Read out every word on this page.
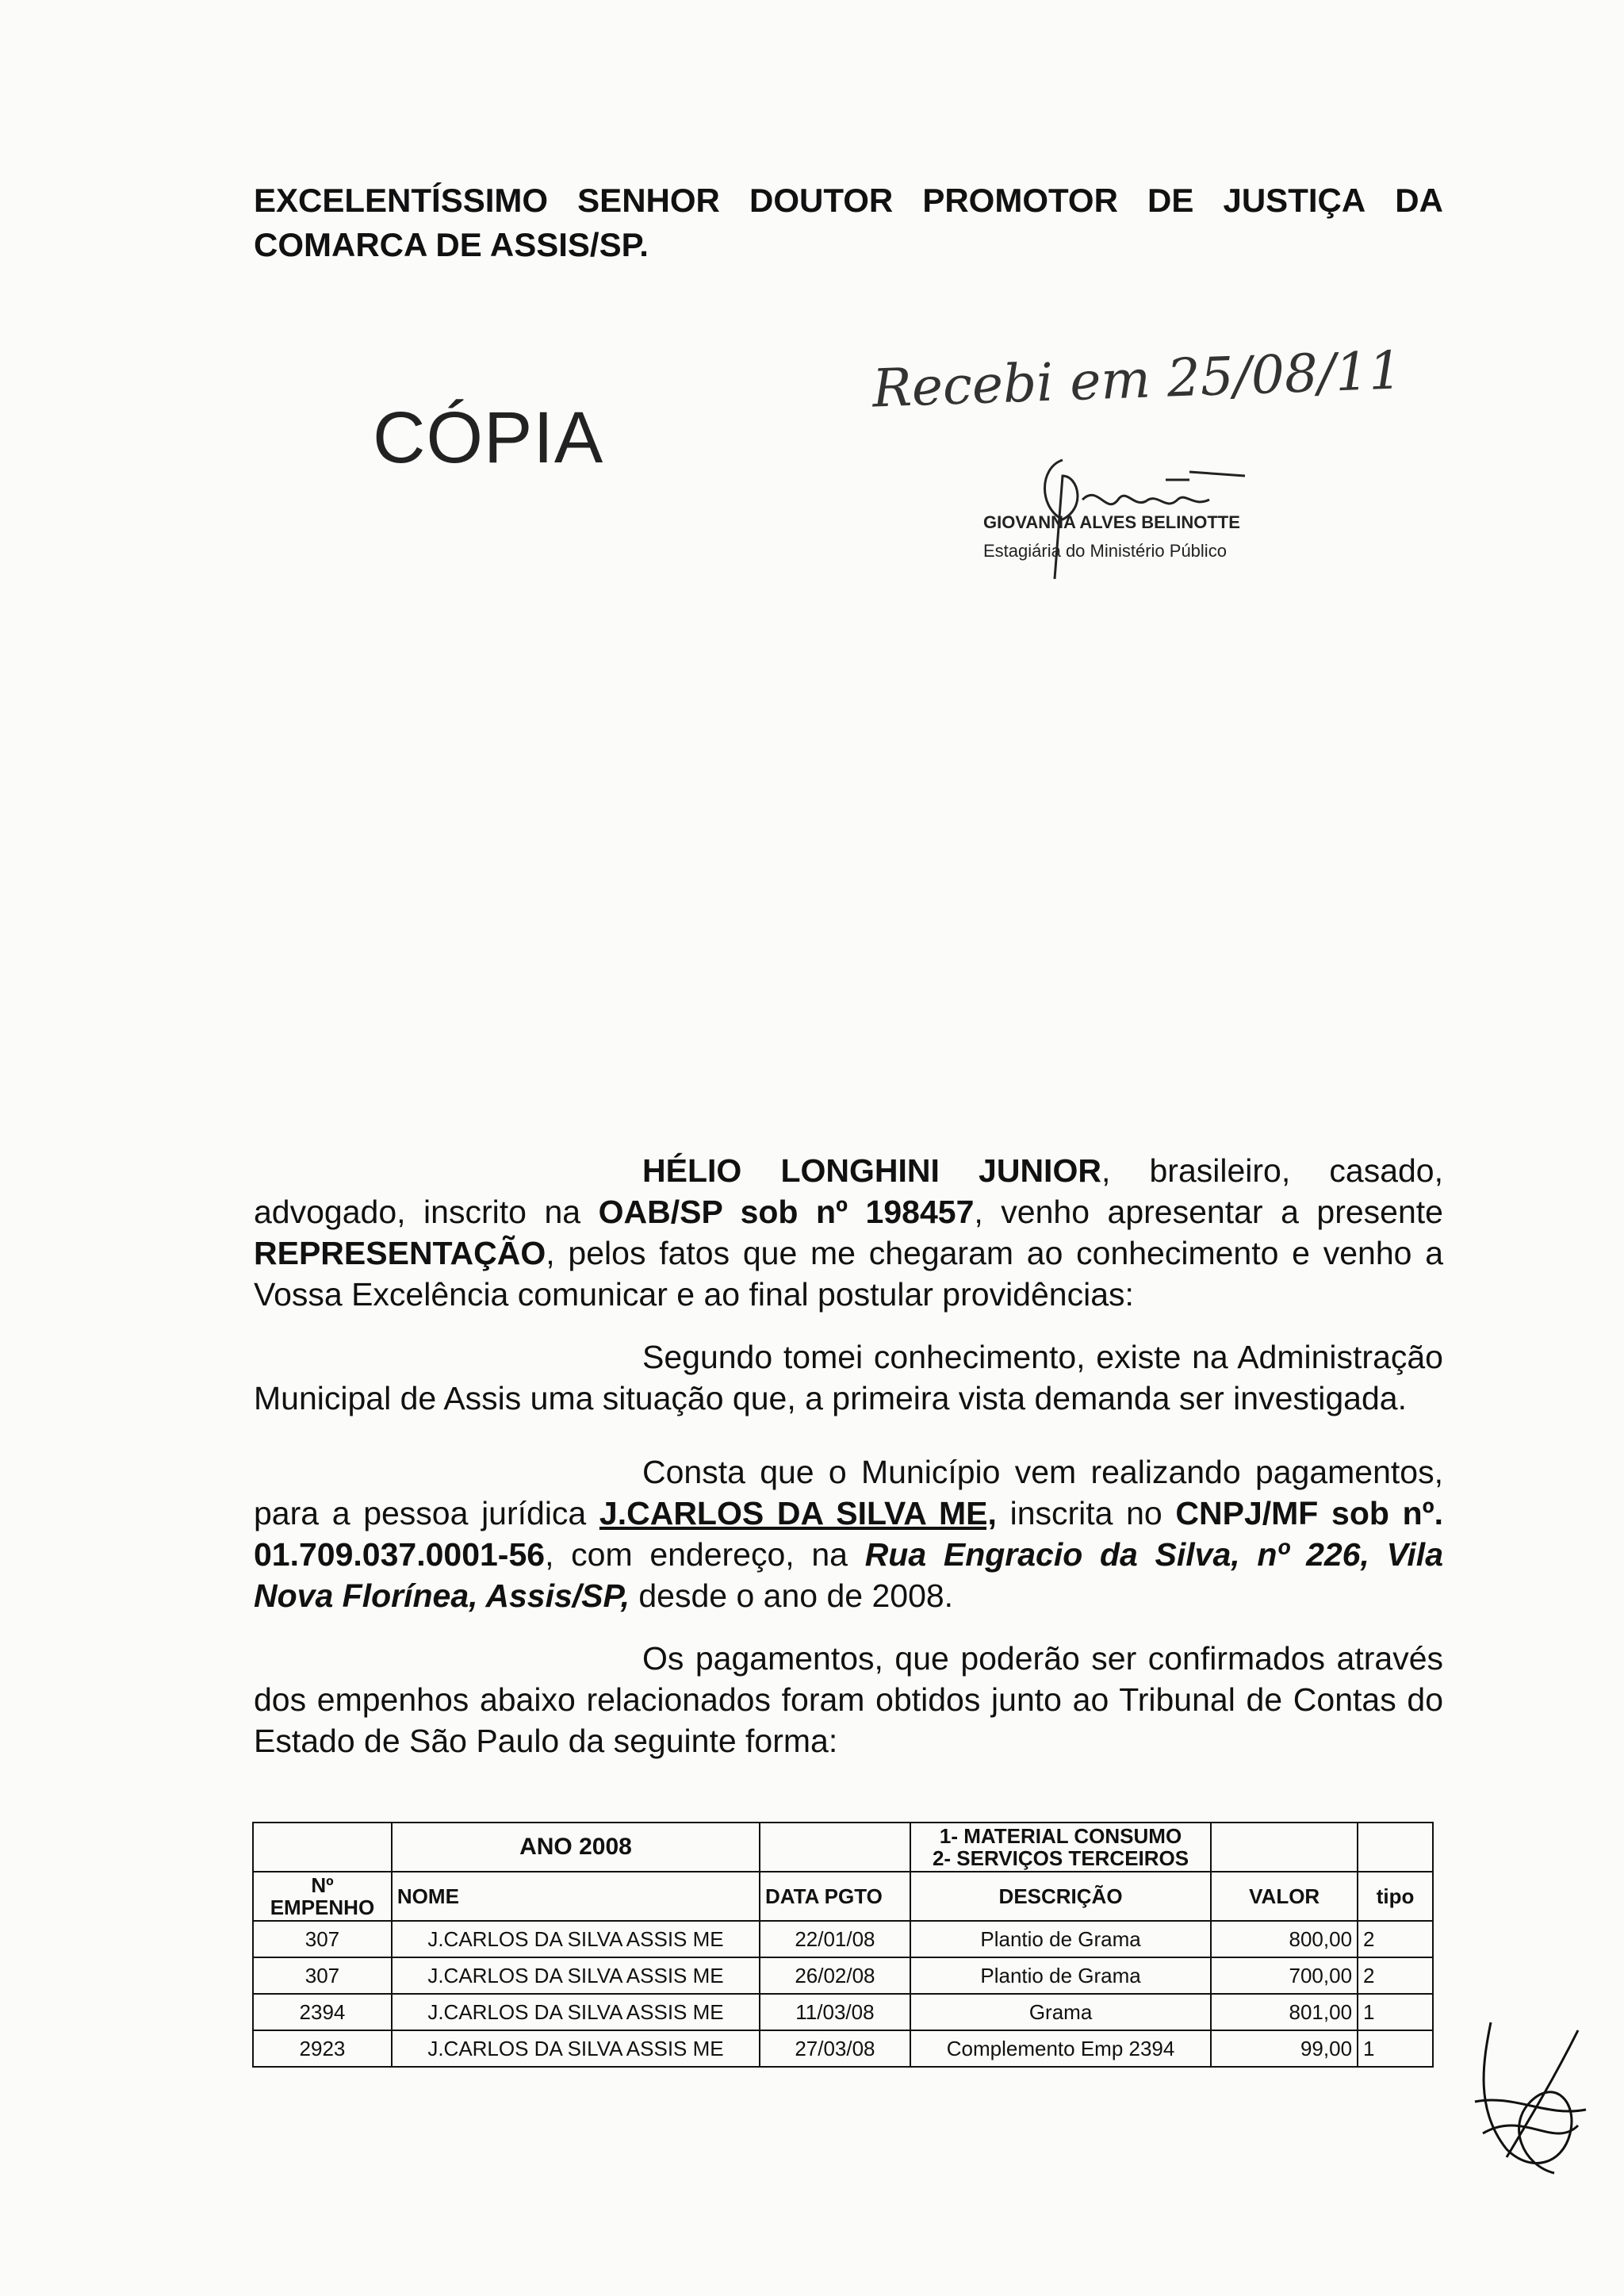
EXCELENTÍSSIMO SENHOR DOUTOR PROMOTOR DE JUSTIÇA DA
COMARCA DE ASSIS/SP.
CÓPIA
Recebi em 25/08/11
GIOVANNA ALVES BELINOTTE
Estagiária do Ministério Público

HÉLIO LONGHINI JUNIOR, brasileiro, casado, advogado, inscrito na OAB/SP sob nº 198457, venho apresentar a presente REPRESENTAÇÃO, pelos fatos que me chegaram ao conhecimento e venho a Vossa Excelência comunicar e ao final postular providências:

Segundo tomei conhecimento, existe na Administração Municipal de Assis uma situação que, a primeira vista demanda ser investigada.

Consta que o Município vem realizando pagamentos, para a pessoa jurídica J.CARLOS DA SILVA ME, inscrita no CNPJ/MF sob nº. 01.709.037.0001-56, com endereço, na Rua Engracio da Silva, nº 226, Vila Nova Florínea, Assis/SP, desde o ano de 2008.

Os pagamentos, que poderão ser confirmados através dos empenhos abaixo relacionados foram obtidos junto ao Tribunal de Contas do Estado de São Paulo da seguinte forma:

	ANO 2008		1- MATERIAL CONSUMO
2- SERVIÇOS TERCEIROS		

Nº EMPENHO	NOME	DATA PGTO	DESCRIÇÃO	VALOR	tipo
307	J.CARLOS DA SILVA ASSIS ME	22/01/08	Plantio de Grama	800,00	2
307	J.CARLOS DA SILVA ASSIS ME	26/02/08	Plantio de Grama	700,00	2
2394	J.CARLOS DA SILVA ASSIS ME	11/03/08	Grama	801,00	1
2923	J.CARLOS DA SILVA ASSIS ME	27/03/08	Complemento Emp 2394	99,00	1
